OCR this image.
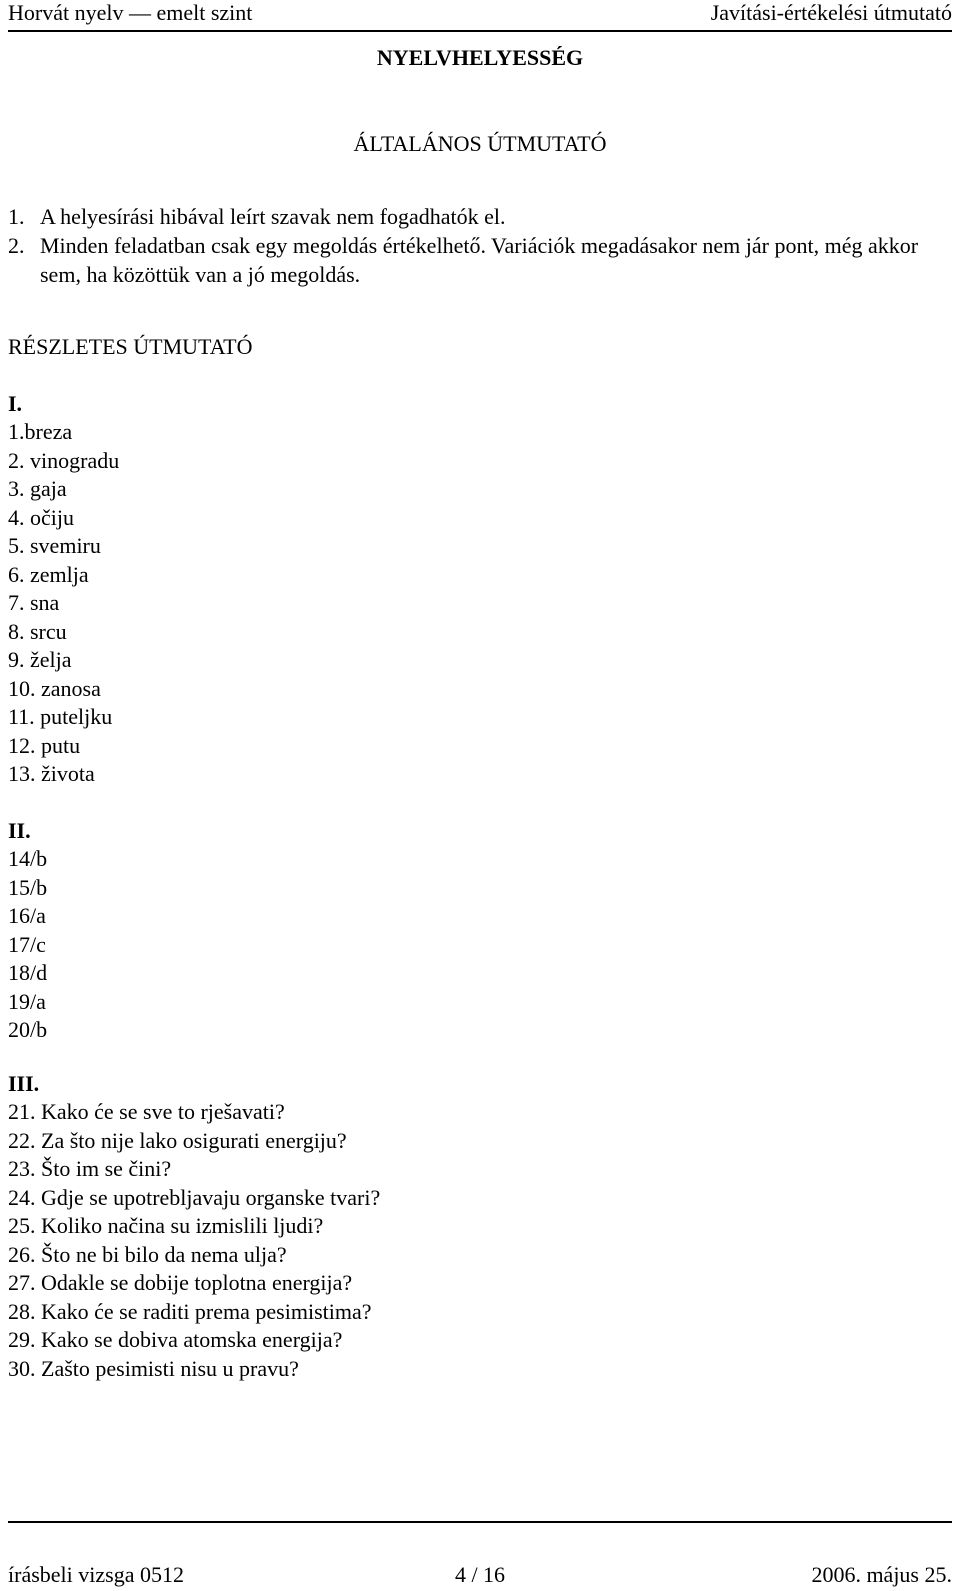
Horvát nyelv — emelt szint	Javítási-értékelési útmutató
NYELVHELYESSÉG
ÁLTALÁNOS ÚTMUTATÓ
1. A helyesírási hibával leírt szavak nem fogadhatók el.
2. Minden feladatban csak egy megoldás értékelhető. Variációk megadásakor nem jár pont, még akkor sem, ha közöttük van a jó megoldás.
RÉSZLETES ÚTMUTATÓ
I.
1.breza
2. vinogradu
3. gaja
4. očiju
5. svemiru
6. zemlja
7. sna
8. srcu
9. želja
10. zanosa
11. puteljku
12. putu
13. života
II.
14/b
15/b
16/a
17/c
18/d
19/a
20/b
III.
21. Kako će se sve to rješavati?
22. Za što nije lako osigurati energiju?
23. Što im se čini?
24. Gdje se upotrebljavaju organske tvari?
25. Koliko načina su izmislili ljudi?
26. Što ne bi bilo da nema ulja?
27. Odakle se dobije toplotna energija?
28. Kako će se raditi prema pesimistima?
29. Kako se dobiva atomska energija?
30. Zašto pesimisti nisu u pravu?
írásbeli vizsga 0512	4 / 16	2006. május 25.
